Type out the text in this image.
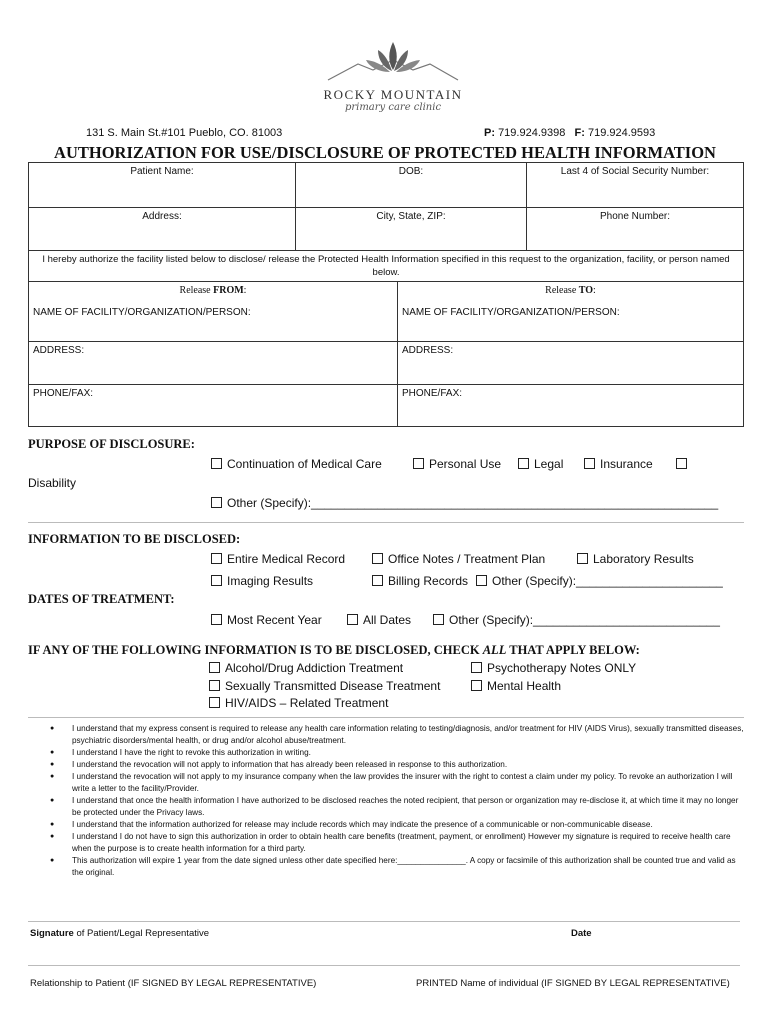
ROCKY MOUNTAIN
primary care clinic
131 S. Main St.#101 Pueblo, CO. 81003	P: 719.924.9398 F: 719.924.9593
AUTHORIZATION FOR USE/DISCLOSURE OF PROTECTED HEALTH INFORMATION
Patient Name:	DOB:	Last 4 of Social Security Number:
Address:	City, State, ZIP:	Phone Number:
I hereby authorize the facility listed below to disclose/ release the Protected Health Information specified in this request to the organization, facility, or person named below.		
Release FROM:	Release TO:
NAME OF FACILITY/ORGANIZATION/PERSON:	NAME OF FACILITY/ORGANIZATION/PERSON:
ADDRESS:	ADDRESS:
PHONE/FAX:	PHONE/FAX:
PURPOSE OF DISCLOSURE:
Continuation of Medical Care	Personal Use	Legal	Insurance
Disability
Other (Specify):_____________________________________________________________
INFORMATION TO BE DISCLOSED:
Entire Medical Record	Office Notes / Treatment Plan	Laboratory Results
Imaging Results	Billing Records	Other (Specify):______________________
DATES OF TREATMENT:
Most Recent Year	All Dates	Other (Specify):____________________________
IF ANY OF THE FOLLOWING INFORMATION IS TO BE DISCLOSED, CHECK ALL THAT APPLY BELOW:
Alcohol/Drug Addiction Treatment	Psychotherapy Notes ONLY
Sexually Transmitted Disease Treatment	Mental Health
HIV/AIDS – Related Treatment
● I understand that my express consent is required to release any health care information relating to testing/diagnosis, and/or treatment for HIV (AIDS Virus), sexually transmitted diseases, psychiatric disorders/mental health, or drug and/or alcohol abuse/treatment.
● I understand I have the right to revoke this authorization in writing.
● I understand the revocation will not apply to information that has already been released in response to this authorization.
● I understand the revocation will not apply to my insurance company when the law provides the insurer with the right to contest a claim under my policy. To revoke an authorization I will write a letter to the facility/Provider.
● I understand that once the health information I have authorized to be disclosed reaches the noted recipient, that person or organization may re-disclose it, at which time it may no longer be protected under the Privacy laws.
● I understand that the information authorized for release may include records which may indicate the presence of a communicable or non-communicable disease.
● I understand I do not have to sign this authorization in order to obtain health care benefits (treatment, payment, or enrollment) However my signature is required to receive health care when the purpose is to create health information for a third party.
● This authorization will expire 1 year from the date signed unless other date specified here:_______________. A copy or facsimile of this authorization shall be counted true and valid as the original.
Signature of Patient/Legal Representative	Date
Relationship to Patient (IF SIGNED BY LEGAL REPRESENTATIVE)	PRINTED Name of individual (IF SIGNED BY LEGAL REPRESENTATIVE)
